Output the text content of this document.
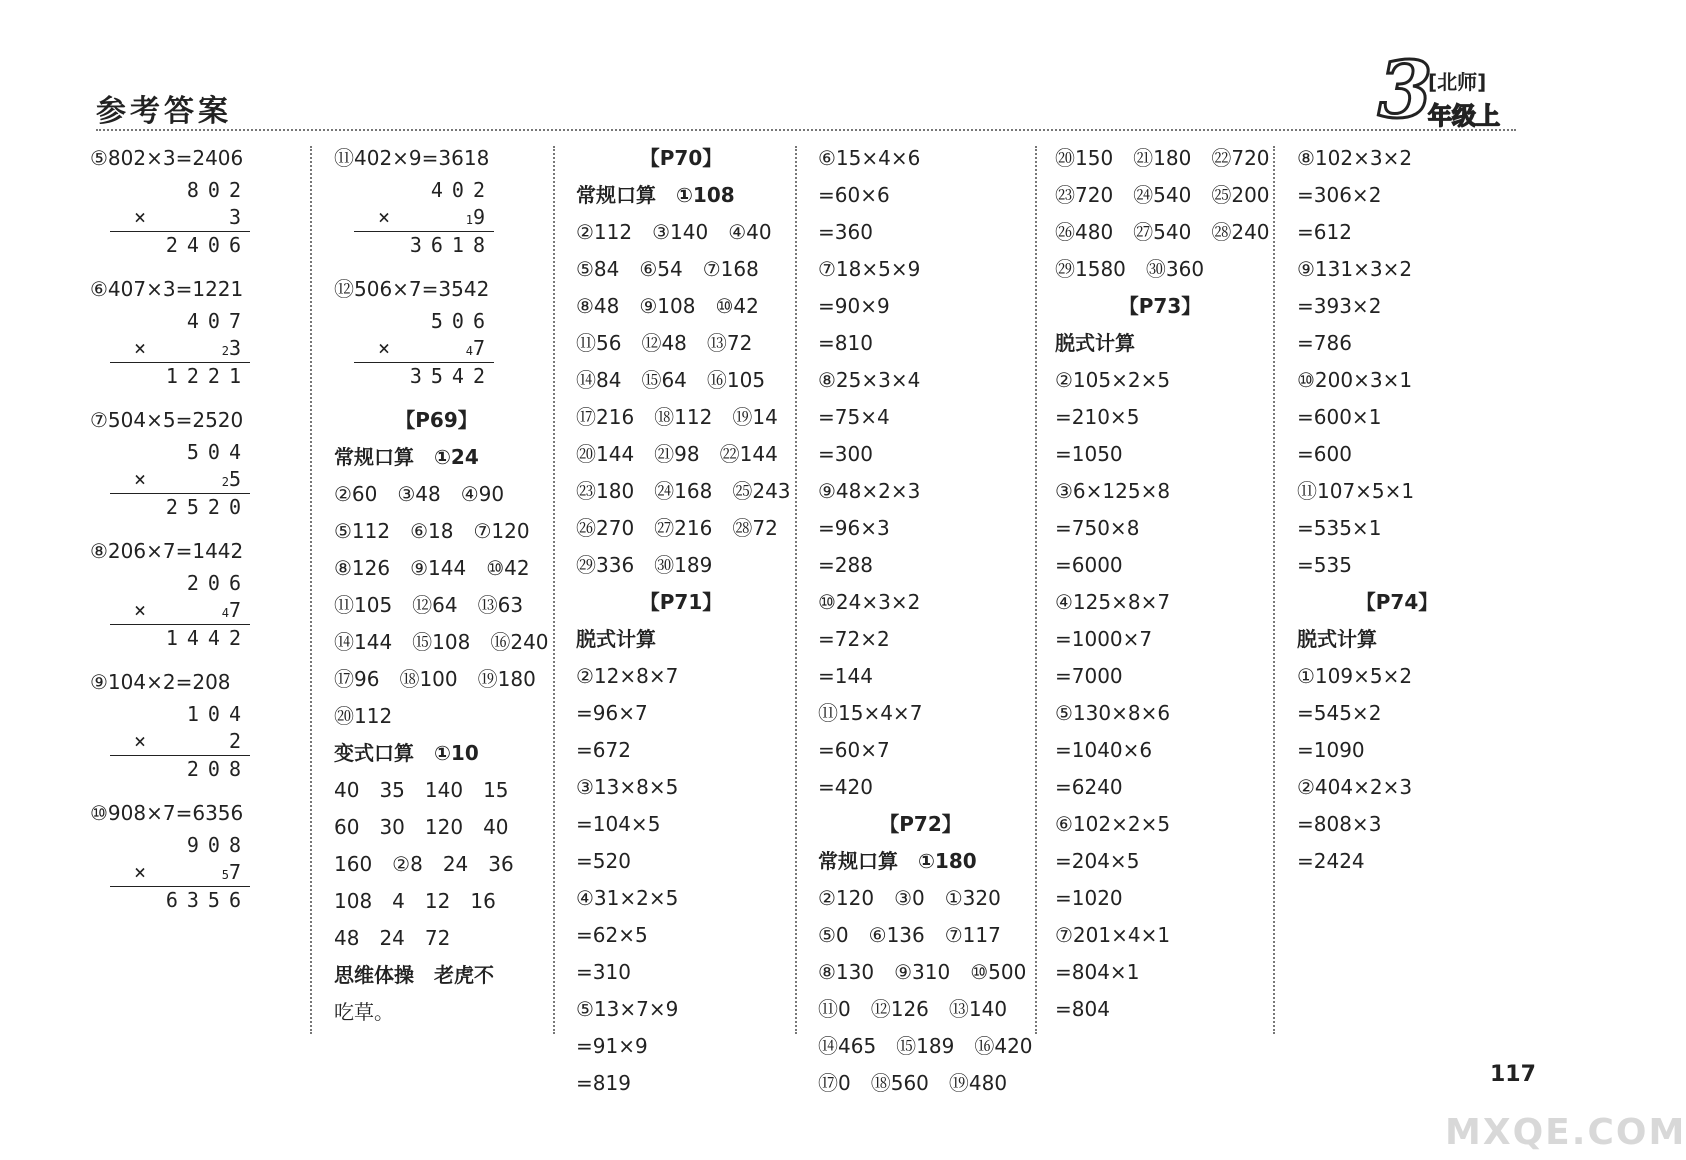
参考答案	3
[北师]
年级上
⑤802×3=2406
802
×	3
2406
⑥407×3=1221
407
×	23
1221
⑦504×5=2520
504
×	25
2520
⑧206×7=1442
206
×	47
1442
⑨104×2=208
104
×	2
208
⑩908×7=6356
908
×	57
6356
⑪402×9=3618
402
×	19
3618
⑫506×7=3542
506
×	47
3542
【P69】
常规口算　①24
②60　③48　④90
⑤112　⑥18　⑦120
⑧126　⑨144　⑩42
⑪105　⑫64　⑬63
⑭144　⑮108　⑯240
⑰96　⑱100　⑲180
⑳112
变式口算　①10
40　35　140　15
60　30　120　40
160　②8　24　36
108　4　12　16
48　24　72
思维体操　老虎不
吃草。
【P70】
常规口算　①108
②112　③140　④40
⑤84　⑥54　⑦168
⑧48　⑨108　⑩42
⑪56　⑫48　⑬72
⑭84　⑮64　⑯105
⑰216　⑱112　⑲14
⑳144　㉑98　㉒144
㉓180　㉔168　㉕243
㉖270　㉗216　㉘72
㉙336　㉚189
【P71】
脱式计算
②12×8×7
=96×7
=672
③13×8×5
=104×5
=520
④31×2×5
=62×5
=310
⑤13×7×9
=91×9
=819
⑥15×4×6
=60×6
=360
⑦18×5×9
=90×9
=810
⑧25×3×4
=75×4
=300
⑨48×2×3
=96×3
=288
⑩24×3×2
=72×2
=144
⑪15×4×7
=60×7
=420
【P72】
常规口算　①180
②120　③0　①320
⑤0　⑥136　⑦117
⑧130　⑨310　⑩500
⑪0　⑫126　⑬140
⑭465　⑮189　⑯420
⑰0　⑱560　⑲480
⑳150　㉑180　㉒720
㉓720　㉔540　㉕200
㉖480　㉗540　㉘240
㉙1580　㉚360
【P73】
脱式计算
②105×2×5
=210×5
=1050
③6×125×8
=750×8
=6000
④125×8×7
=1000×7
=7000
⑤130×8×6
=1040×6
=6240
⑥102×2×5
=204×5
=1020
⑦201×4×1
=804×1
=804
⑧102×3×2
=306×2
=612
⑨131×3×2
=393×2
=786
⑩200×3×1
=600×1
=600
⑪107×5×1
=535×1
=535
【P74】
脱式计算
①109×5×2
=545×2
=1090
②404×2×3
=808×3
=2424
117
MXQE.COM
